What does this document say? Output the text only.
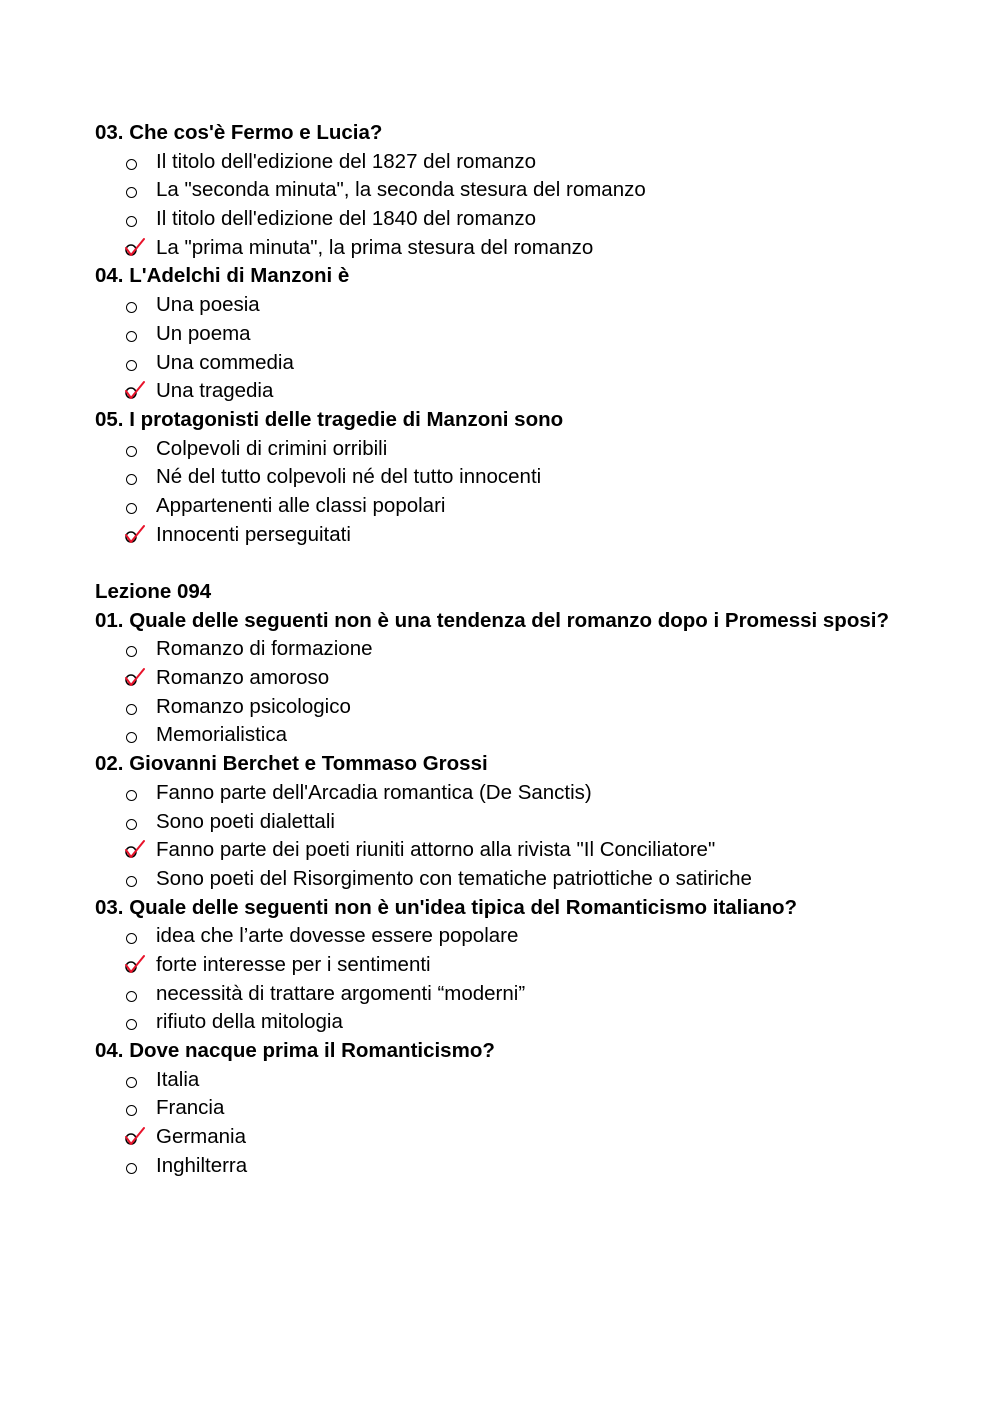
03. Che cos'è Fermo e Lucia?
Il titolo dell'edizione del 1827 del romanzo
La "seconda minuta", la seconda stesura del romanzo
Il titolo dell'edizione del 1840 del romanzo
La "prima minuta", la prima stesura del romanzo
04. L'Adelchi di Manzoni è
Una poesia
Un poema
Una commedia
Una tragedia
05. I protagonisti delle tragedie di Manzoni sono
Colpevoli di crimini orribili
Né del tutto colpevoli né del tutto innocenti
Appartenenti alle classi popolari
Innocenti perseguitati
Lezione 094
01. Quale delle seguenti non è una tendenza del romanzo dopo i Promessi sposi?
Romanzo di formazione
Romanzo amoroso
Romanzo psicologico
Memorialistica
02. Giovanni Berchet e Tommaso Grossi
Fanno parte dell'Arcadia romantica (De Sanctis)
Sono poeti dialettali
Fanno parte dei poeti riuniti attorno alla rivista "Il Conciliatore"
Sono poeti del Risorgimento con tematiche patriottiche o satiriche
03. Quale delle seguenti non è un'idea tipica del Romanticismo italiano?
idea che l’arte dovesse essere popolare
forte interesse per i sentimenti
necessità di trattare argomenti “moderni”
rifiuto della mitologia
04. Dove nacque prima il Romanticismo?
Italia
Francia
Germania
Inghilterra
